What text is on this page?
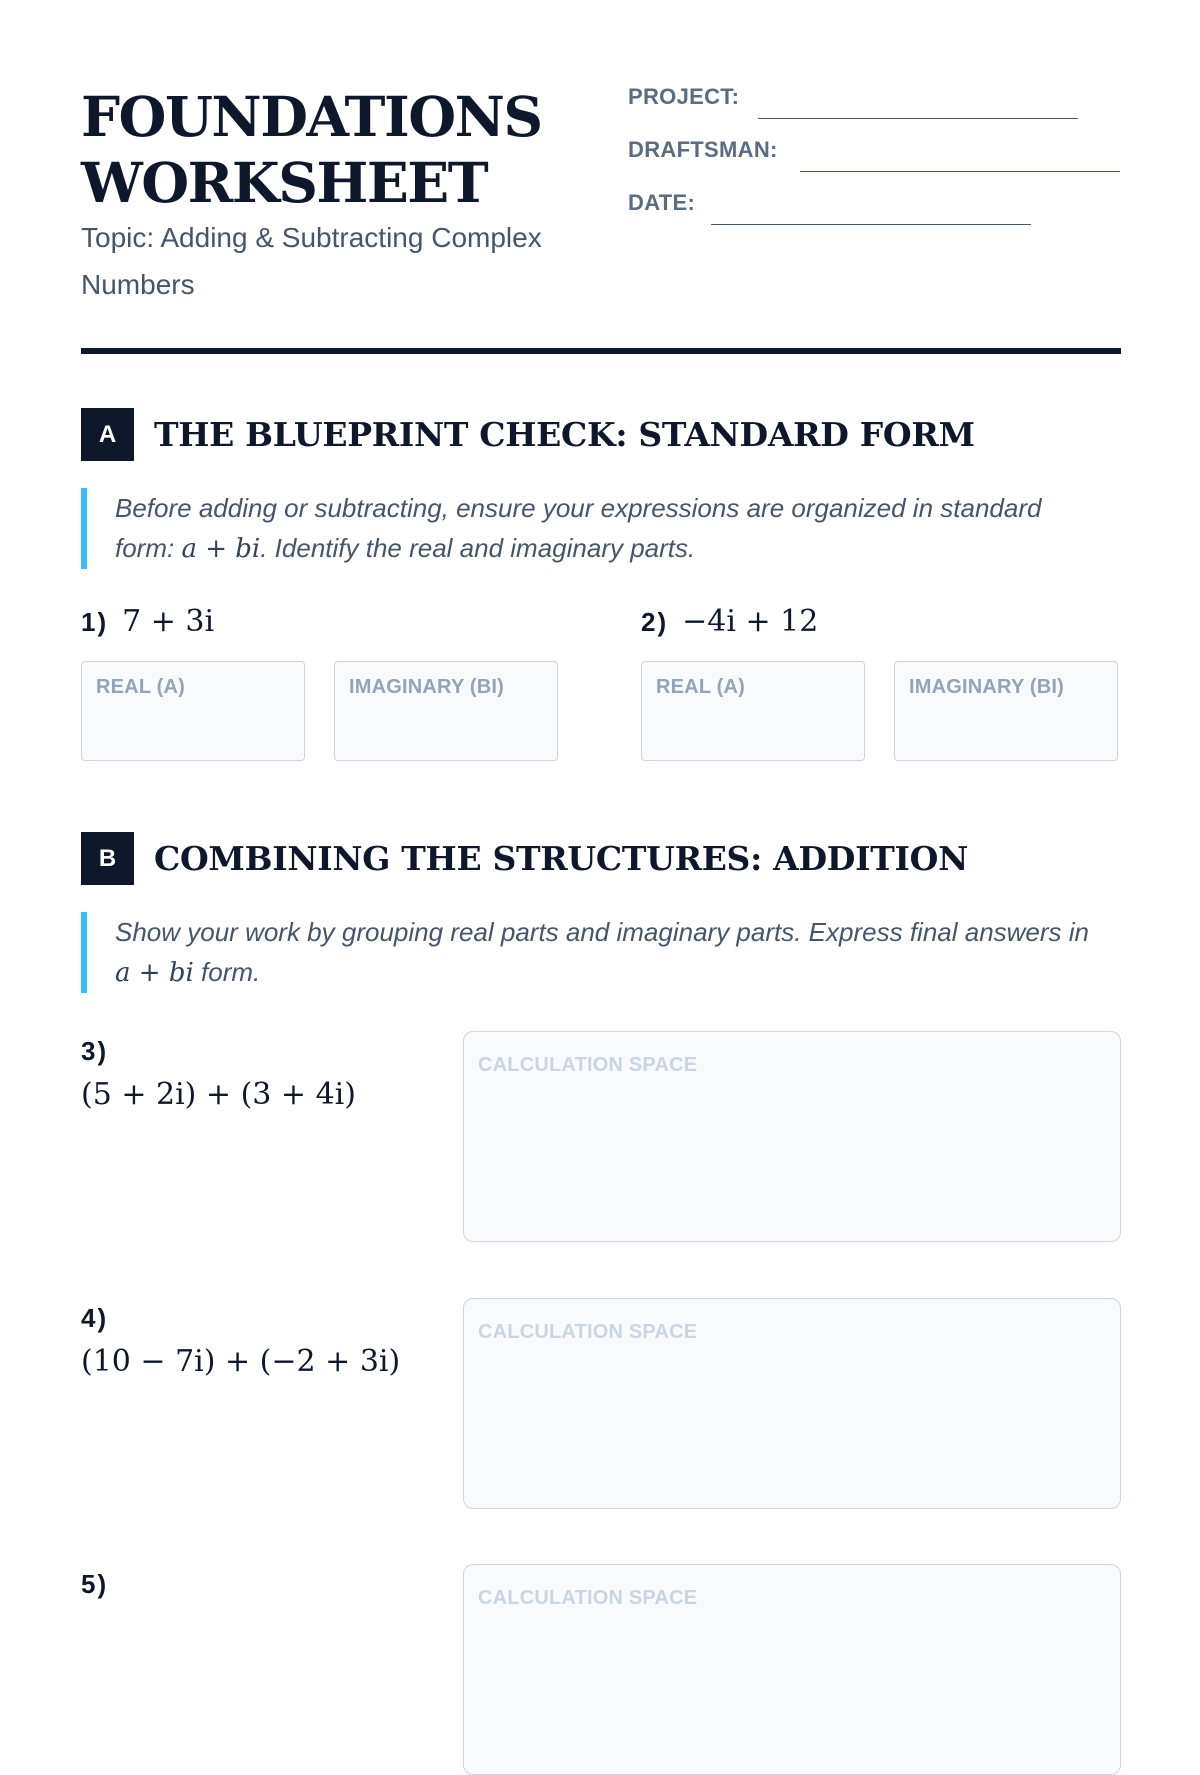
FOUNDATIONS
WORKSHEET
Topic: Adding & Subtracting Complex Numbers
PROJECT:
DRAFTSMAN:
DATE:
A	THE BLUEPRINT CHECK: STANDARD FORM
Before adding or subtracting, ensure your expressions are organized in standard form: a + bi. Identify the real and imaginary parts.
1) 7 + 3i
REAL (A)	IMAGINARY (BI)
2) −4i + 12
REAL (A)	IMAGINARY (BI)
B	COMBINING THE STRUCTURES: ADDITION
Show your work by grouping real parts and imaginary parts. Express final answers in a + bi form.
3)
(5 + 2i) + (3 + 4i)
CALCULATION SPACE
4)
(10 − 7i) + (−2 + 3i)
CALCULATION SPACE
5)	CALCULATION SPACE
